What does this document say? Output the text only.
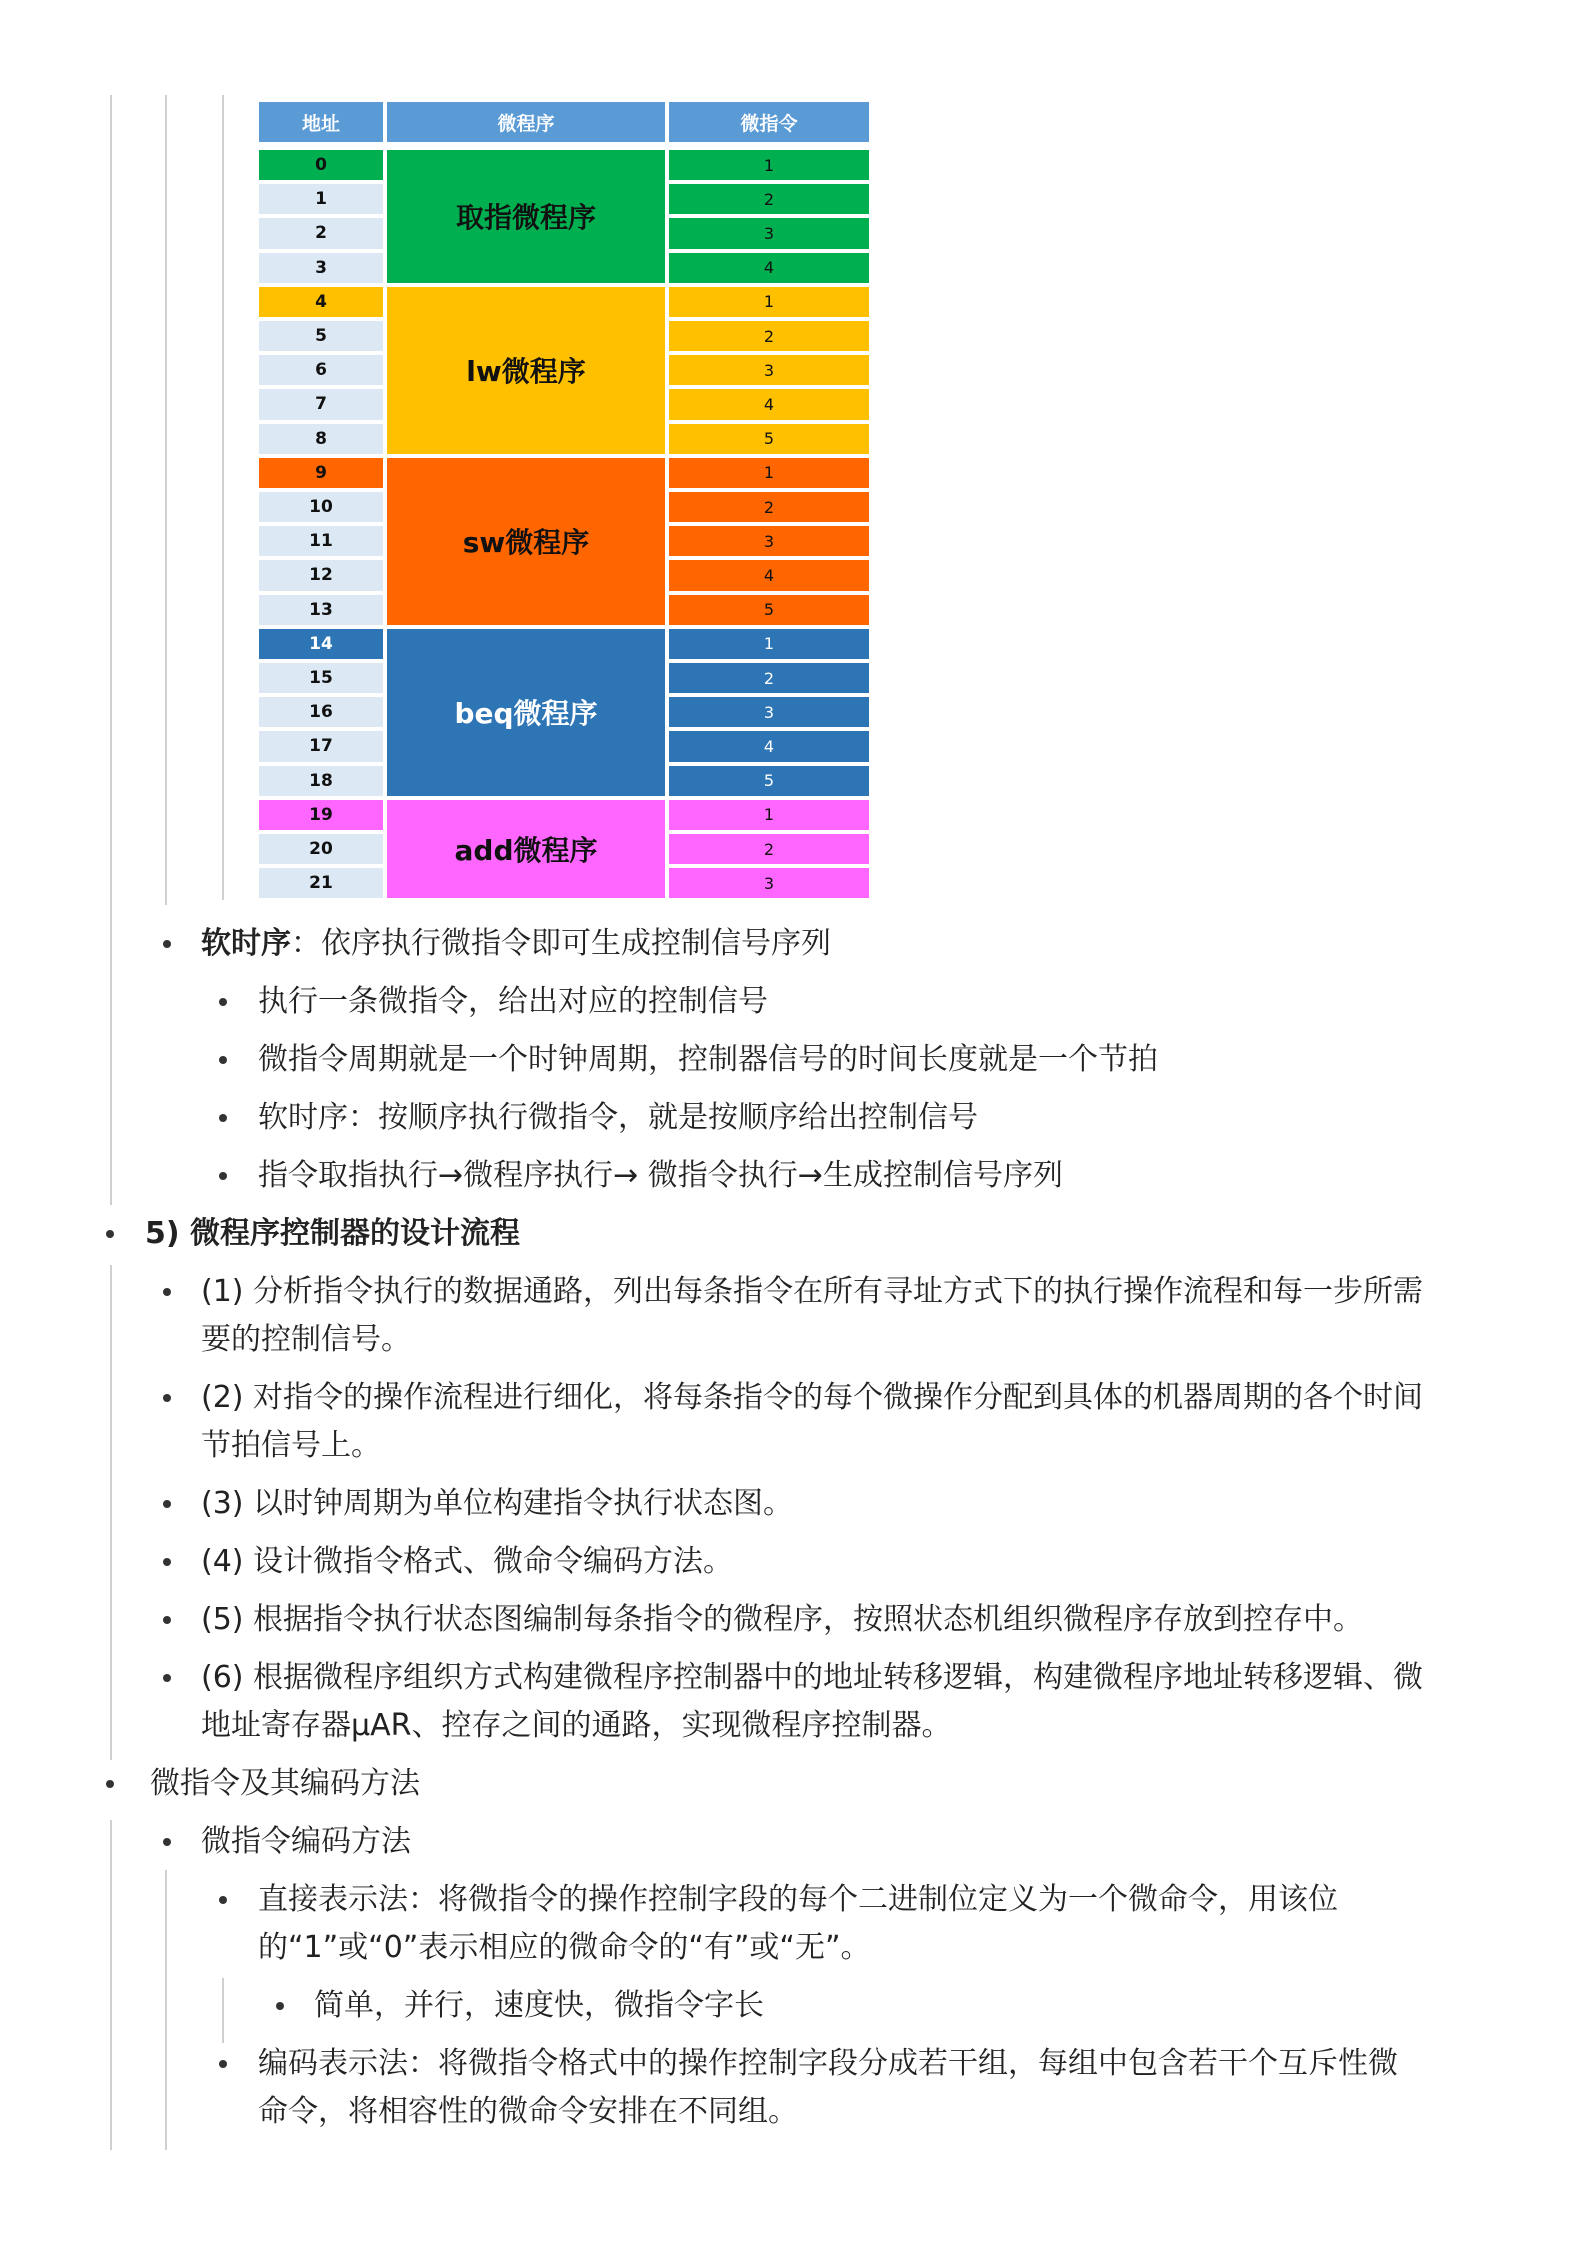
地址	微程序	微指令
0
1
2
3
1
2
3
4
取指微程序
4
5
6
7
8
1
2
3
4
5
lw微程序
9
10
11
12
13
1
2
3
4
5
sw微程序
14
15
16
17
18
1
2
3
4
5
beq微程序
19
20
21
1
2
3
add微程序
软时序：依序执行微指令即可生成控制信号序列
执行一条微指令，给出对应的控制信号
微指令周期就是一个时钟周期，控制器信号的时间长度就是一个节拍
软时序：按顺序执行微指令，就是按顺序给出控制信号
指令取指执行→微程序执行→ 微指令执行→生成控制信号序列
5) 微程序控制器的设计流程
(1) 分析指令执行的数据通路，列出每条指令在所有寻址方式下的执行操作流程和每一步所需
要的控制信号。
(2) 对指令的操作流程进行细化，将每条指令的每个微操作分配到具体的机器周期的各个时间
节拍信号上。
(3) 以时钟周期为单位构建指令执行状态图。
(4) 设计微指令格式、微命令编码方法。
(5) 根据指令执行状态图编制每条指令的微程序，按照状态机组织微程序存放到控存中。
(6) 根据微程序组织方式构建微程序控制器中的地址转移逻辑，构建微程序地址转移逻辑、微
地址寄存器μAR、控存之间的通路，实现微程序控制器。
微指令及其编码方法
微指令编码方法
直接表示法：将微指令的操作控制字段的每个二进制位定义为一个微命令，用该位
的“1”或“0”表示相应的微命令的“有”或“无”。
简单，并行，速度快，微指令字长
编码表示法：将微指令格式中的操作控制字段分成若干组，每组中包含若干个互斥性微
命令，将相容性的微命令安排在不同组。
